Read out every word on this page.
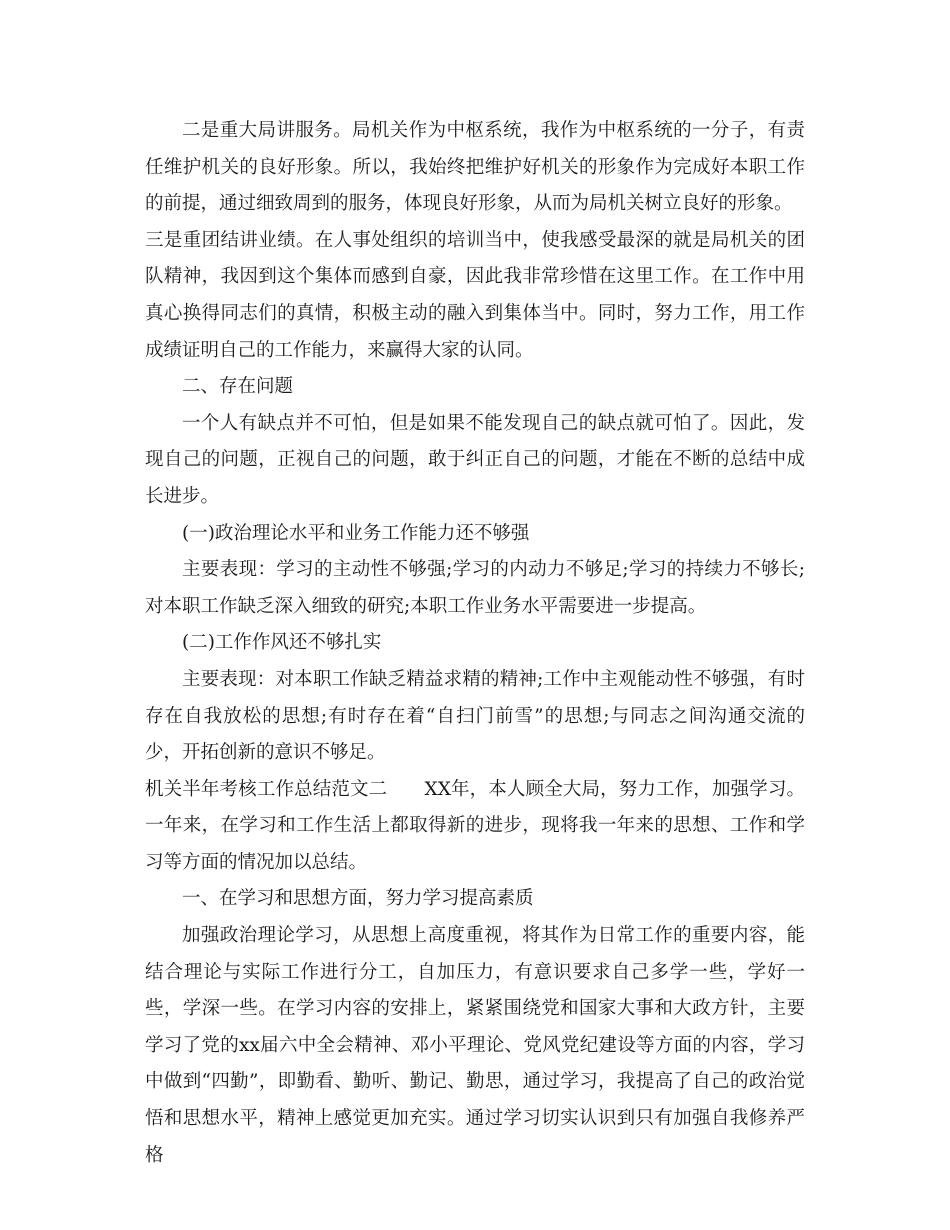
二是重大局讲服务。局机关作为中枢系统，我作为中枢系统的一分子，有责任维护机关的良好形象。所以，我始终把维护好机关的形象作为完成好本职工作的前提，通过细致周到的服务，体现良好形象，从而为局机关树立良好的形象。

三是重团结讲业绩。在人事处组织的培训当中，使我感受最深的就是局机关的团队精神，我因到这个集体而感到自豪，因此我非常珍惜在这里工作。在工作中用真心换得同志们的真情，积极主动的融入到集体当中。同时，努力工作，用工作成绩证明自己的工作能力，来赢得大家的认同。

二、存在问题

一个人有缺点并不可怕，但是如果不能发现自己的缺点就可怕了。因此，发现自己的问题，正视自己的问题，敢于纠正自己的问题，才能在不断的总结中成长进步。

(一)政治理论水平和业务工作能力还不够强

主要表现：学习的主动性不够强;学习的内动力不够足;学习的持续力不够长;对本职工作缺乏深入细致的研究;本职工作业务水平需要进一步提高。

(二)工作作风还不够扎实

主要表现：对本职工作缺乏精益求精的精神;工作中主观能动性不够强，有时存在自我放松的思想;有时存在着“自扫门前雪”的思想;与同志之间沟通交流的少，开拓创新的意识不够足。

机关半年考核工作总结范文二　　XX年，本人顾全大局，努力工作，加强学习。一年来，在学习和工作生活上都取得新的进步，现将我一年来的思想、工作和学习等方面的情况加以总结。

一、在学习和思想方面，努力学习提高素质

加强政治理论学习，从思想上高度重视，将其作为日常工作的重要内容，能结合理论与实际工作进行分工，自加压力，有意识要求自己多学一些，学好一些，学深一些。在学习内容的安排上，紧紧围绕党和国家大事和大政方针，主要学习了党的xx届六中全会精神、邓小平理论、党风党纪建设等方面的内容，学习中做到“四勤”，即勤看、勤听、勤记、勤思，通过学习，我提高了自己的政治觉悟和思想水平，精神上感觉更加充实。通过学习切实认识到只有加强自我修养严格
